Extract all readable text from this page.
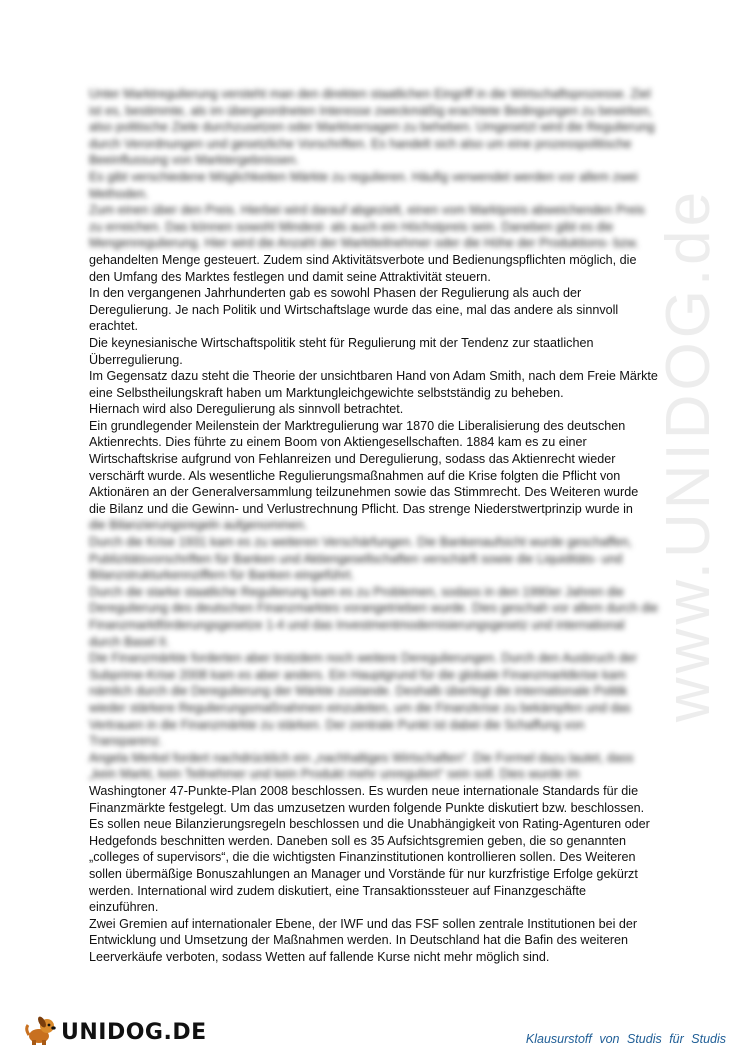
www.UNIDOG.de

Unter Marktregulierung versteht man den direkten staatlichen Eingriff in die Wirtschaftsprozesse. Ziel

ist es, bestimmte, als im übergeordneten Interesse zweckmäßig erachtete Bedingungen zu bewirken,

also politische Ziele durchzusetzen oder Marktversagen zu beheben. Umgesetzt wird die Regulierung

durch Verordnungen und gesetzliche Vorschriften. Es handelt sich also um eine prozesspolitische

Beeinflussung von Marktergebnissen.

Es gibt verschiedene Möglichkeiten Märkte zu regulieren. Häufig verwendet werden vor allem zwei

Methoden.

Zum einen über den Preis. Hierbei wird darauf abgezielt, einen vom Marktpreis abweichenden Preis

zu erreichen. Das können sowohl Mindest- als auch ein Höchstpreis sein. Daneben gibt es die

Mengenregulierung. Hier wird die Anzahl der Marktteilnehmer oder die Höhe der Produktions- bzw.

gehandelten Menge gesteuert. Zudem sind Aktivitätsverbote und Bedienungspflichten möglich, die

den Umfang des Marktes festlegen und damit seine Attraktivität steuern.

In den vergangenen Jahrhunderten gab es sowohl Phasen der Regulierung als auch der

Deregulierung. Je nach Politik und Wirtschaftslage wurde das eine, mal das andere als sinnvoll

erachtet.

Die keynesianische Wirtschaftspolitik steht für Regulierung mit der Tendenz zur staatlichen

Überregulierung.

Im Gegensatz dazu steht die Theorie der unsichtbaren Hand von Adam Smith, nach dem Freie Märkte

eine Selbstheilungskraft haben um Marktungleichgewichte selbstständig zu beheben.

Hiernach wird also Deregulierung als sinnvoll betrachtet.

Ein grundlegender Meilenstein der Marktregulierung war 1870 die Liberalisierung des deutschen

Aktienrechts. Dies führte zu einem Boom von Aktiengesellschaften. 1884 kam es zu einer

Wirtschaftskrise aufgrund von Fehlanreizen und Deregulierung, sodass das Aktienrecht wieder

verschärft wurde. Als wesentliche Regulierungsmaßnahmen auf die Krise folgten die Pflicht von

Aktionären an der Generalversammlung teilzunehmen sowie das Stimmrecht. Des Weiteren wurde

die Bilanz und die Gewinn- und Verlustrechnung Pflicht. Das strenge Niederstwertprinzip wurde in

die Bilanzierungsregeln aufgenommen.

Durch die Krise 1931 kam es zu weiteren Verschärfungen. Die Bankenaufsicht wurde geschaffen,

Publizitätsvorschriften für Banken und Aktiengesellschaften verschärft sowie die Liquiditäts- und

Bilanzstrukturkennziffern für Banken eingeführt.

Durch die starke staatliche Regulierung kam es zu Problemen, sodass in den 1990er Jahren die

Deregulierung des deutschen Finanzmarktes vorangetrieben wurde. Dies geschah vor allem durch die

Finanzmarktförderungsgesetze 1-4 und das Investmentmodernisierungsgesetz und international

durch Basel II.

Die Finanzmärkte forderten aber trotzdem noch weitere Deregulierungen. Durch den Ausbruch der

Subprime-Krise 2008 kam es aber anders. Ein Hauptgrund für die globale Finanzmarktkrise kam

nämlich durch die Deregulierung der Märkte zustande. Deshalb überlegt die internationale Politik

wieder stärkere Regulierungsmaßnahmen einzuleiten, um die Finanzkrise zu bekämpfen und das

Vertrauen in die Finanzmärkte zu stärken. Der zentrale Punkt ist dabei die Schaffung von

Transparenz.

Angela Merkel fordert nachdrücklich ein „nachhaltiges Wirtschaften“. Die Formel dazu lautet, dass

„kein Markt, kein Teilnehmer und kein Produkt mehr unreguliert“ sein soll. Dies wurde im

Washingtoner 47-Punkte-Plan 2008 beschlossen. Es wurden neue internationale Standards für die

Finanzmärkte festgelegt. Um das umzusetzen wurden folgende Punkte diskutiert bzw. beschlossen.

Es sollen neue Bilanzierungsregeln beschlossen und die Unabhängigkeit von Rating-Agenturen oder

Hedgefonds beschnitten werden. Daneben soll es 35 Aufsichtsgremien geben, die so genannten

„colleges of supervisors“, die die wichtigsten Finanzinstitutionen kontrollieren sollen. Des Weiteren

sollen übermäßige Bonuszahlungen an Manager und Vorstände für nur kurzfristige Erfolge gekürzt

werden. International wird zudem diskutiert, eine Transaktionssteuer auf Finanzgeschäfte

einzuführen.

Zwei Gremien auf internationaler Ebene, der IWF und das FSF sollen zentrale Institutionen bei der

Entwicklung und Umsetzung der Maßnahmen werden. In Deutschland hat die Bafin des weiteren

Leerverkäufe verboten, sodass Wetten auf fallende Kurse nicht mehr möglich sind.

UNIDOG.DE	Klausurstoff von Studis für Studis
